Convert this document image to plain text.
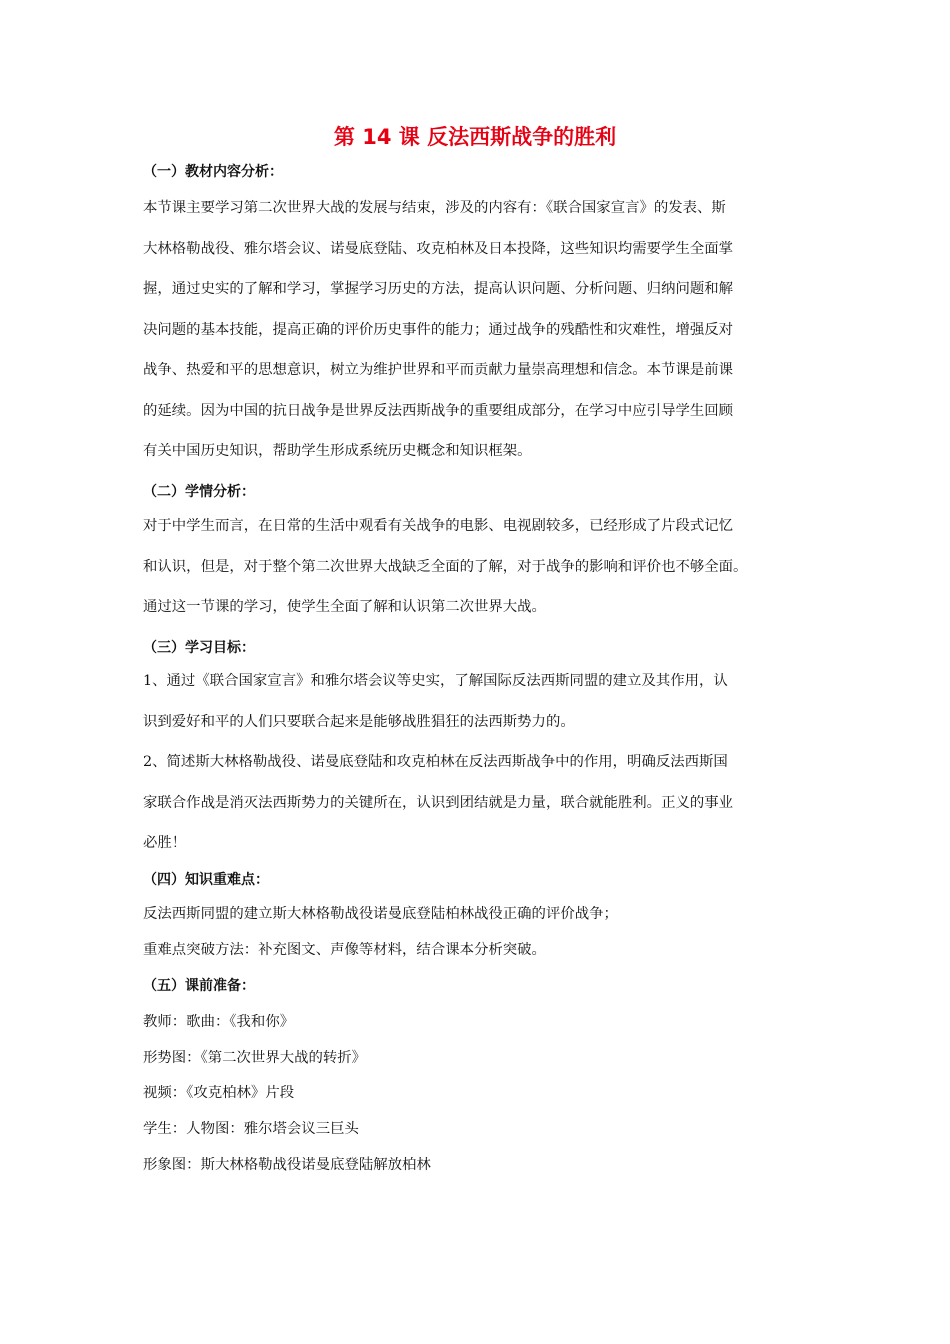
第 14 课 反法西斯战争的胜利
（一）教材内容分析：
本节课主要学习第二次世界大战的发展与结束，涉及的内容有：《联合国家宣言》的发表、斯
大林格勒战役、雅尔塔会议、诺曼底登陆、攻克柏林及日本投降，这些知识均需要学生全面掌
握，通过史实的了解和学习，掌握学习历史的方法，提高认识问题、分析问题、归纳问题和解
决问题的基本技能，提高正确的评价历史事件的能力；通过战争的残酷性和灾难性，增强反对
战争、热爱和平的思想意识，树立为维护世界和平而贡献力量崇高理想和信念。本节课是前课
的延续。因为中国的抗日战争是世界反法西斯战争的重要组成部分，在学习中应引导学生回顾
有关中国历史知识，帮助学生形成系统历史概念和知识框架。
（二）学情分析：
对于中学生而言，在日常的生活中观看有关战争的电影、电视剧较多，已经形成了片段式记忆
和认识，但是，对于整个第二次世界大战缺乏全面的了解，对于战争的影响和评价也不够全面。
通过这一节课的学习，使学生全面了解和认识第二次世界大战。
（三）学习目标：
1、通过《联合国家宣言》和雅尔塔会议等史实，了解国际反法西斯同盟的建立及其作用，认
识到爱好和平的人们只要联合起来是能够战胜猖狂的法西斯势力的。
2、简述斯大林格勒战役、诺曼底登陆和攻克柏林在反法西斯战争中的作用，明确反法西斯国
家联合作战是消灭法西斯势力的关键所在，认识到团结就是力量，联合就能胜利。正义的事业
必胜！
（四）知识重难点：
反法西斯同盟的建立斯大林格勒战役诺曼底登陆柏林战役正确的评价战争；
重难点突破方法：补充图文、声像等材料，结合课本分析突破。
（五）课前准备：
教师：歌曲：《我和你》
形势图：《第二次世界大战的转折》
视频：《攻克柏林》片段
学生：人物图：雅尔塔会议三巨头
形象图：斯大林格勒战役诺曼底登陆解放柏林
